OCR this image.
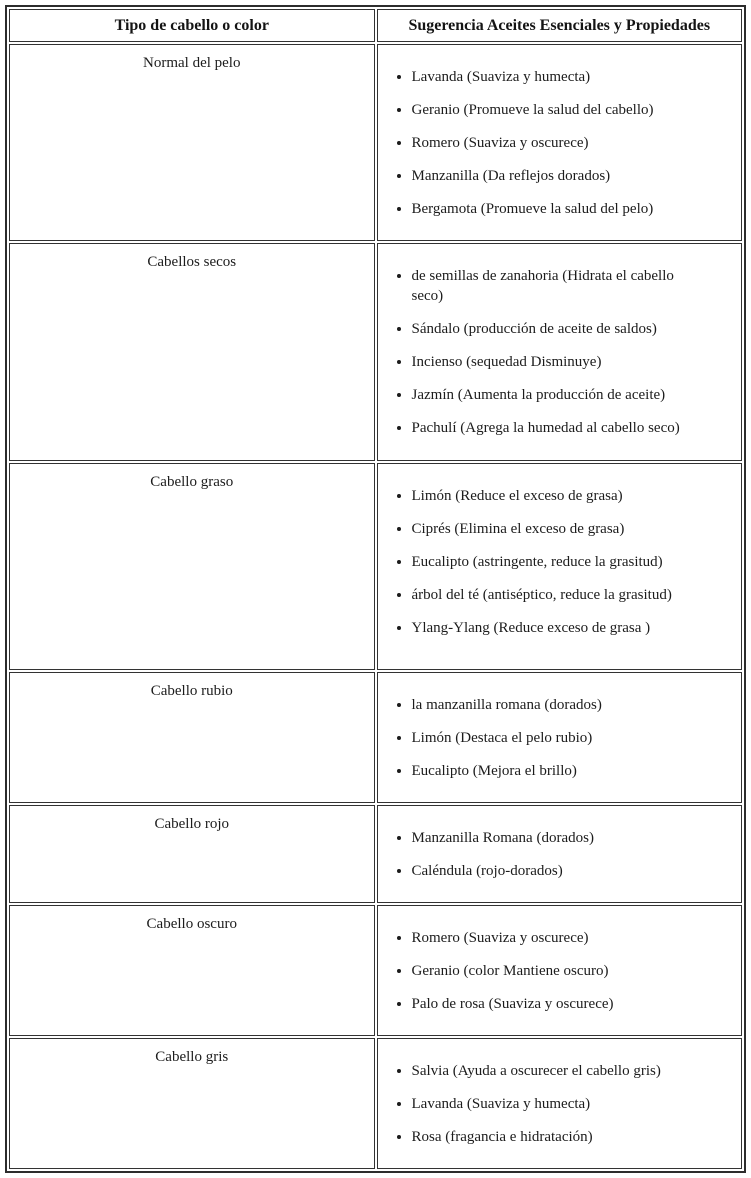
Tipo de cabello o color	Sugerencia Aceites Esenciales y Propiedades
Normal del pelo	
• Lavanda (Suaviza y humecta)
• Geranio (Promueve la salud del cabello)
• Romero (Suaviza y oscurece)
• Manzanilla (Da reflejos dorados)
• Bergamota (Promueve la salud del pelo)

Cabellos secos	
• de semillas de zanahoria (Hidrata el cabello seco)
• Sándalo (producción de aceite de saldos)
• Incienso (sequedad Disminuye)
• Jazmín (Aumenta la producción de aceite)
• Pachulí (Agrega la humedad al cabello seco)

Cabello graso	
• Limón (Reduce el exceso de grasa)
• Ciprés (Elimina el exceso de grasa)
• Eucalipto (astringente, reduce la grasitud)
• árbol del té (antiséptico, reduce la grasitud)
• Ylang-Ylang (Reduce exceso de grasa )

Cabello rubio	
• la manzanilla romana (dorados)
• Limón (Destaca el pelo rubio)
• Eucalipto (Mejora el brillo)

Cabello rojo	
• Manzanilla Romana (dorados)
• Caléndula (rojo-dorados)

Cabello oscuro	
• Romero (Suaviza y oscurece)
• Geranio (color Mantiene oscuro)
• Palo de rosa (Suaviza y oscurece)

Cabello gris	
• Salvia (Ayuda a oscurecer el cabello gris)
• Lavanda (Suaviza y humecta)
• Rosa (fragancia e hidratación)
